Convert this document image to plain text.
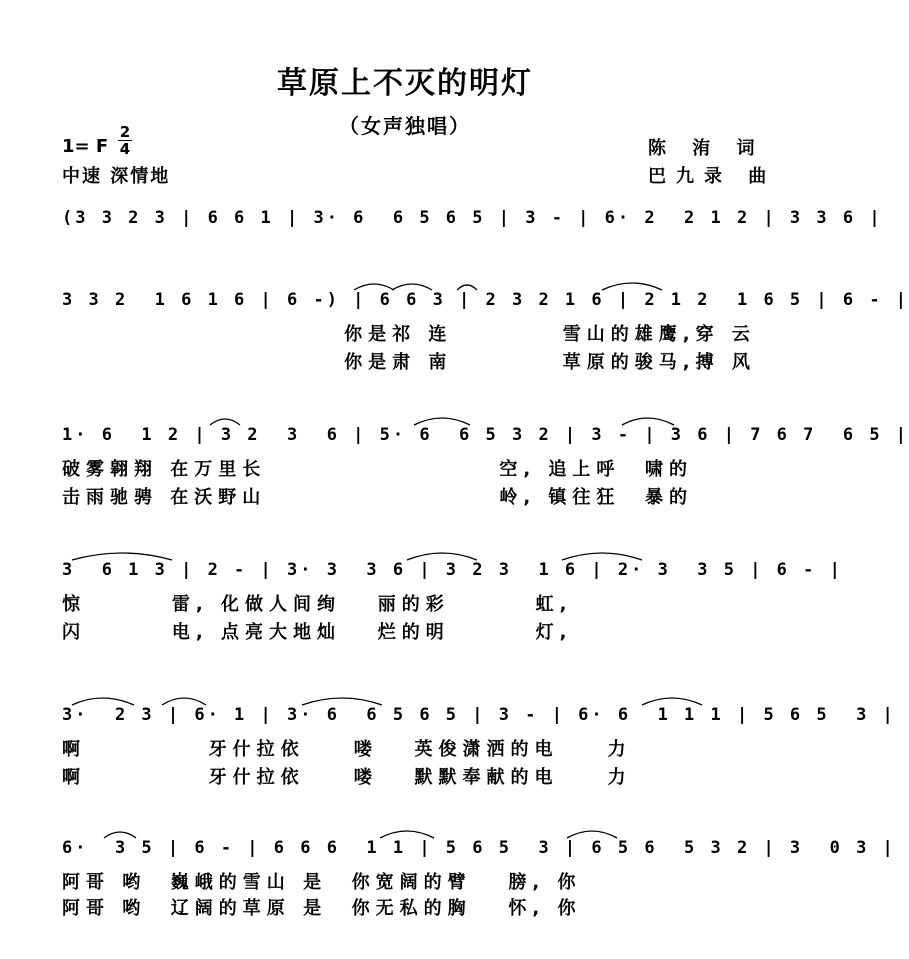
草原上不灭的明灯
（女声独唱）
1= F
2
4
中速 深情地
陈 洧 词
巴九录 曲
(3 3 2 3 | 6 6 1 | 3· 6  6 5 6 5 | 3 - | 6· 2  2 1 2 | 3 3 6 |
3 3 2  1 6 1 6 | 6 -) | 6 6 3 | 2 3 2 1 6 | 2 1 2  1 6 5 | 6 - |
你是祁 连         雪山的雄鹰,穿 云
你是肃 南         草原的骏马,搏 风
1· 6  1 2 | 3 2  3  6 | 5· 6  6 5 3 2 | 3 - | 3 6 | 7 6 7  6 5 |
破雾翱翔 在万里长                   空, 追上呼  啸的
击雨驰骋 在沃野山                   岭, 镇往狂  暴的
3  6 1 3 | 2 - | 3· 3  3 6 | 3 2 3  1 6 | 2· 3  3 5 | 6 - |
惊       雷, 化做人间绚   丽的彩       虹,
闪       电, 点亮大地灿   烂的明       灯,
3·  2 3 | 6· 1 | 3· 6  6 5 6 5 | 3 - | 6· 6  1 1 1 | 5 6 5  3 |
啊          牙什拉依    喽   英俊潇洒的电    力
啊          牙什拉依    喽   默默奉献的电    力
6·  3 5 | 6 - | 6 6 6  1 1 | 5 6 5  3 | 6 5 6  5 3 2 | 3  0 3 |
阿哥 哟  巍峨的雪山 是  你宽阔的臂   膀, 你
阿哥 哟  辽阔的草原 是  你无私的胸   怀, 你
